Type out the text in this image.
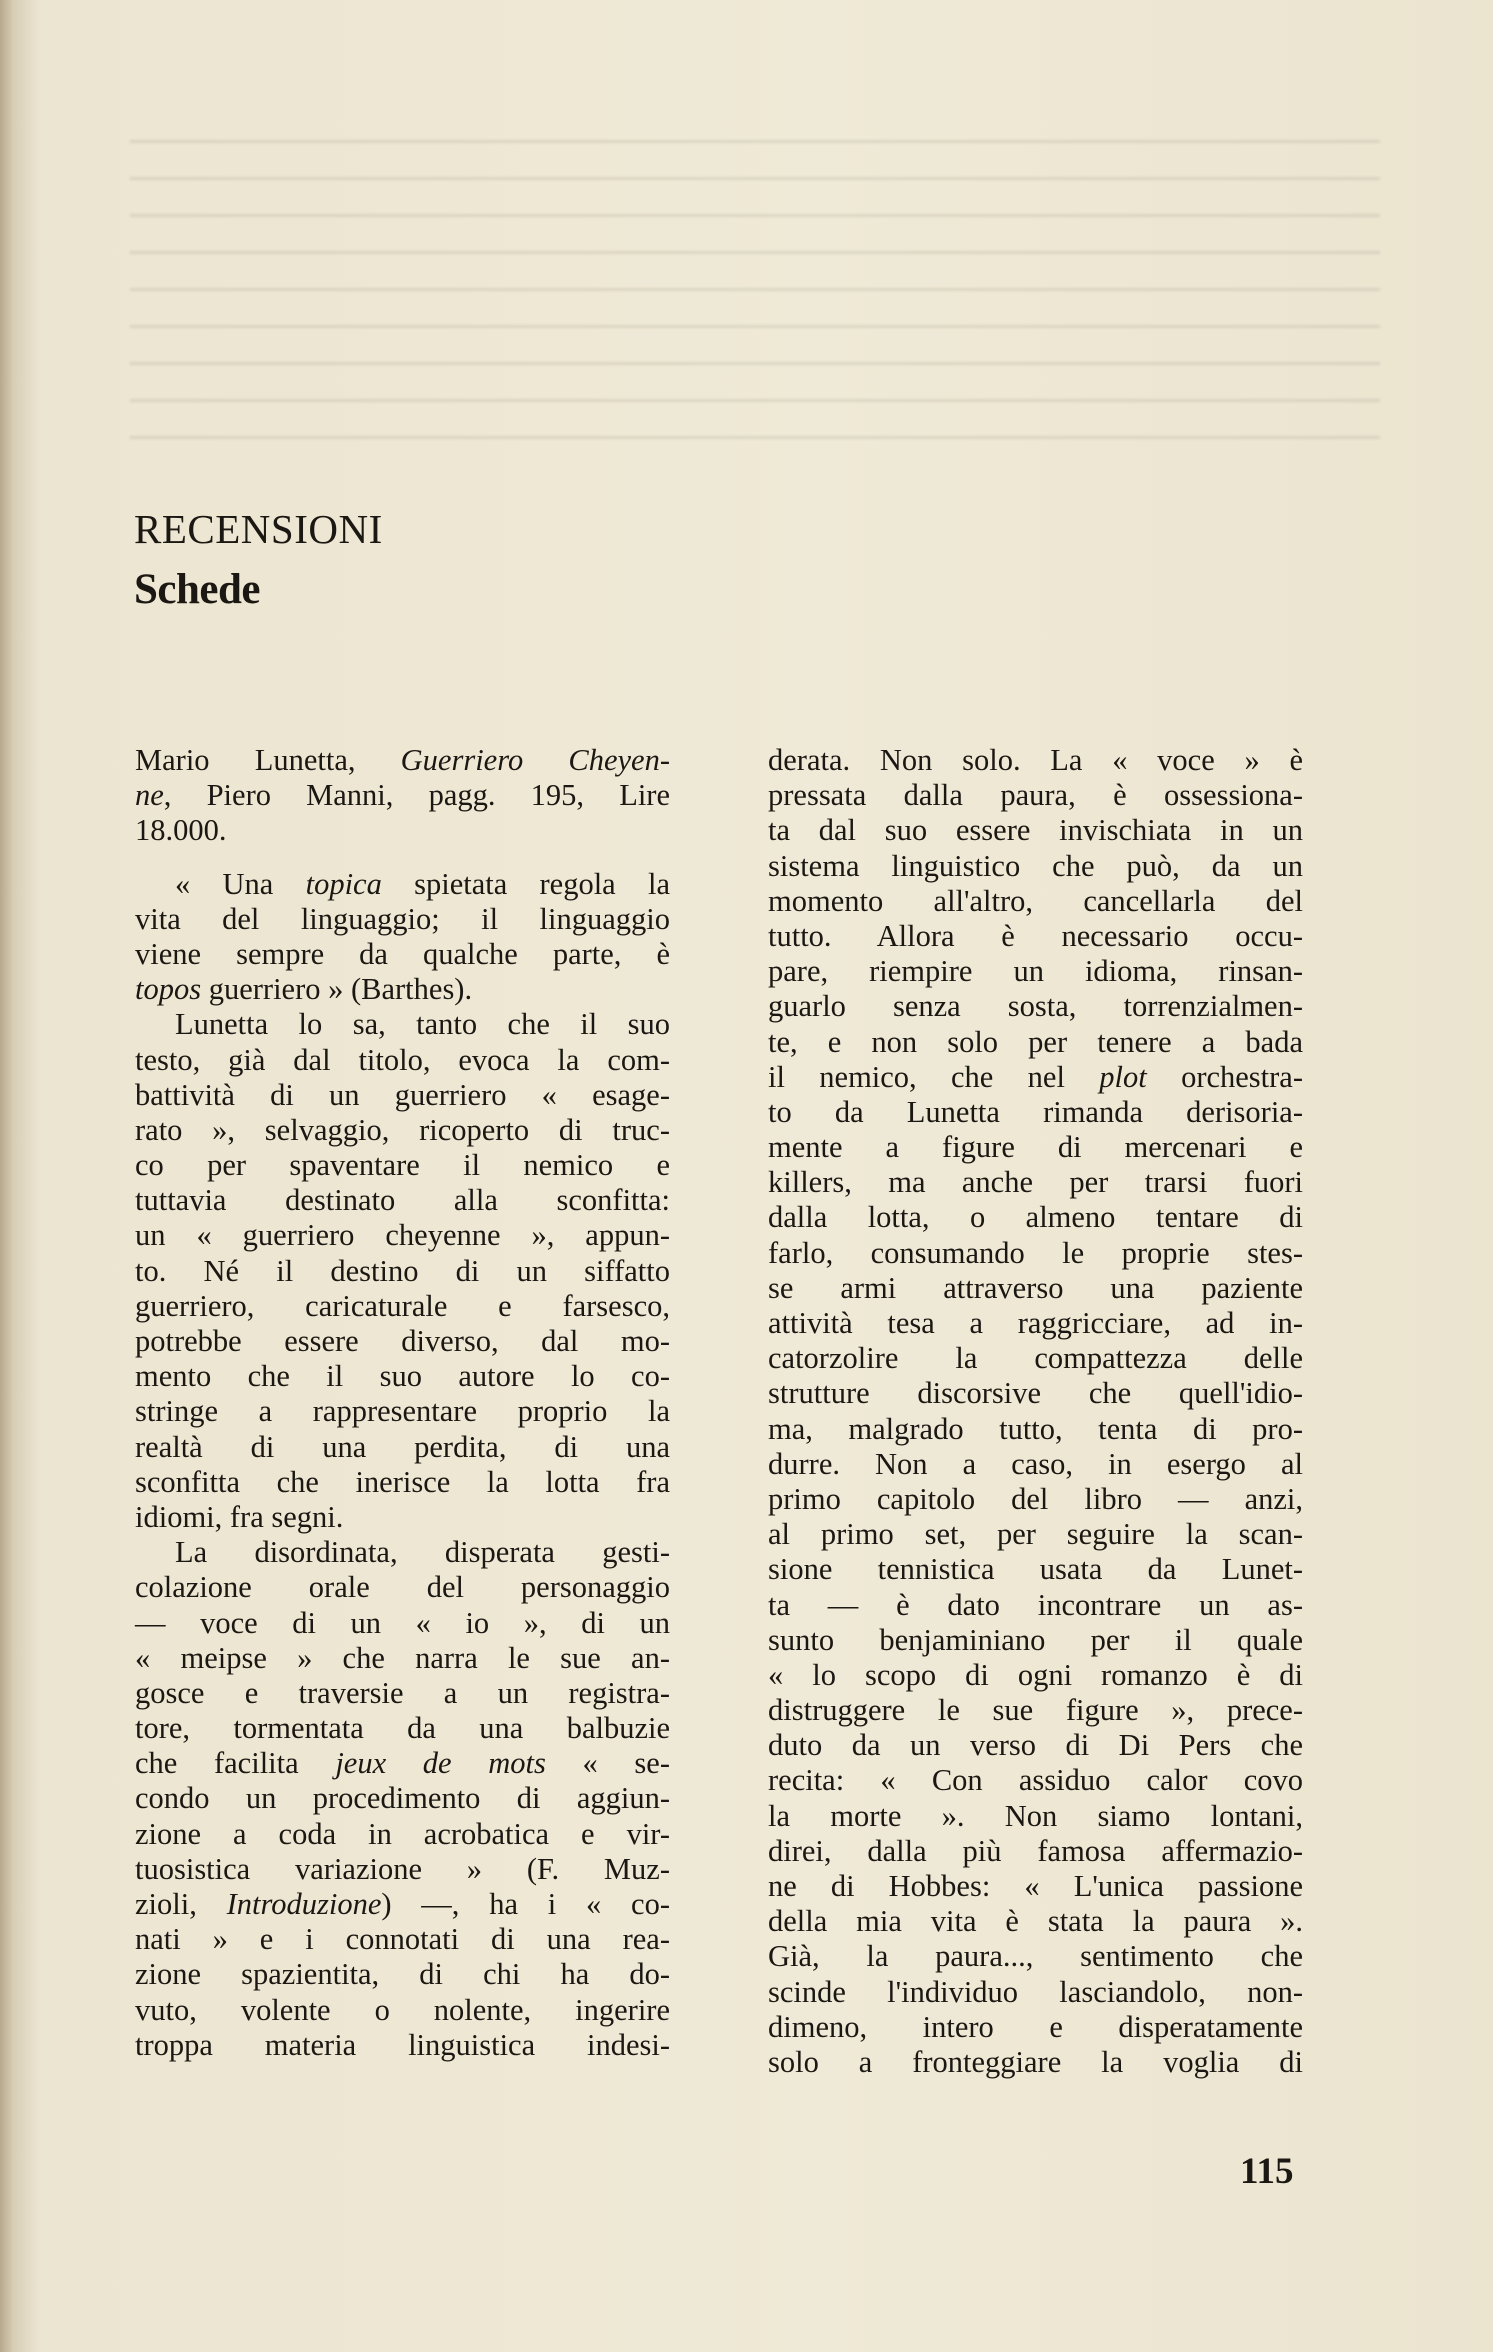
RECENSIONI
Schede
Mario Lunetta, Guerriero Cheyen-
ne, Piero Manni, pagg. 195, Lire
18.000.
« Una topica spietata regola la
vita del linguaggio; il linguaggio
viene sempre da qualche parte, è
topos guerriero » (Barthes).
Lunetta lo sa, tanto che il suo
testo, già dal titolo, evoca la com-
battività di un guerriero « esage-
rato », selvaggio, ricoperto di truc-
co per spaventare il nemico e
tuttavia destinato alla sconfitta:
un « guerriero cheyenne », appun-
to. Né il destino di un siffatto
guerriero, caricaturale e farsesco,
potrebbe essere diverso, dal mo-
mento che il suo autore lo co-
stringe a rappresentare proprio la
realtà di una perdita, di una
sconfitta che inerisce la lotta fra
idiomi, fra segni.
La disordinata, disperata gesti-
colazione orale del personaggio
— voce di un « io », di un
« meipse » che narra le sue an-
gosce e traversie a un registra-
tore, tormentata da una balbuzie
che facilita jeux de mots « se-
condo un procedimento di aggiun-
zione a coda in acrobatica e vir-
tuosistica variazione » (F. Muz-
zioli, Introduzione) —, ha i « co-
nati » e i connotati di una rea-
zione spazientita, di chi ha do-
vuto, volente o nolente, ingerire
troppa materia linguistica indesi-
derata. Non solo. La « voce » è
pressata dalla paura, è ossessiona-
ta dal suo essere invischiata in un
sistema linguistico che può, da un
momento all'altro, cancellarla del
tutto. Allora è necessario occu-
pare, riempire un idioma, rinsan-
guarlo senza sosta, torrenzialmen-
te, e non solo per tenere a bada
il nemico, che nel plot orchestra-
to da Lunetta rimanda derisoria-
mente a figure di mercenari e
killers, ma anche per trarsi fuori
dalla lotta, o almeno tentare di
farlo, consumando le proprie stes-
se armi attraverso una paziente
attività tesa a raggricciare, ad in-
catorzolire la compattezza delle
strutture discorsive che quell'idio-
ma, malgrado tutto, tenta di pro-
durre. Non a caso, in esergo al
primo capitolo del libro — anzi,
al primo set, per seguire la scan-
sione tennistica usata da Lunet-
ta — è dato incontrare un as-
sunto benjaminiano per il quale
« lo scopo di ogni romanzo è di
distruggere le sue figure », prece-
duto da un verso di Di Pers che
recita: « Con assiduo calor covo
la morte ». Non siamo lontani,
direi, dalla più famosa affermazio-
ne di Hobbes: « L'unica passione
della mia vita è stata la paura ».
Già, la paura..., sentimento che
scinde l'individuo lasciandolo, non-
dimeno, intero e disperatamente
solo a fronteggiare la voglia di

115
